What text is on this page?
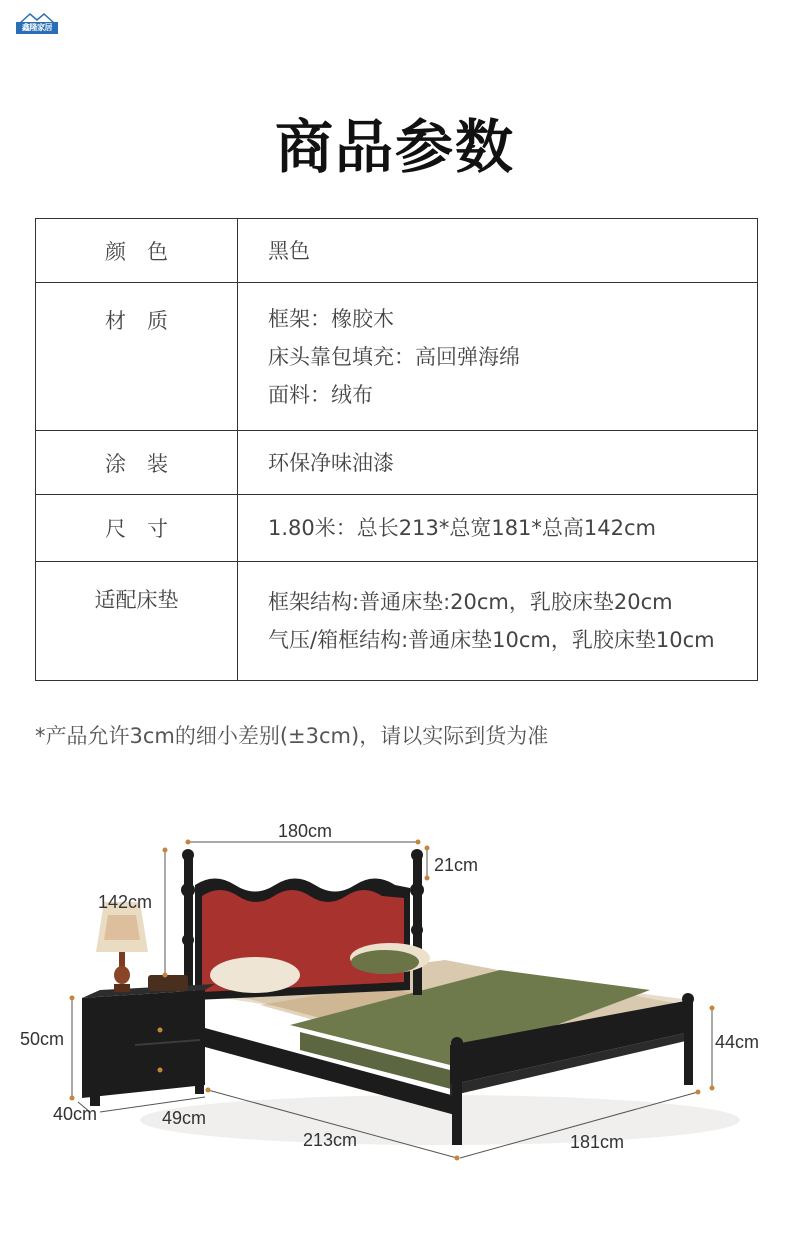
鑫隆家居
商品参数
颜　色	黑色

材　质	框架：橡胶木
床头靠包填充：高回弹海绵
面料：绒布

涂　装	环保净味油漆

尺　寸	1.80米：总长213*总宽181*总高142cm

适配床垫	框架结构:普通床垫:20cm，乳胶床垫20cm
气压/箱框结构:普通床垫10cm，乳胶床垫10cm
*产品允许3cm的细小差别(±3cm)，请以实际到货为准
180cm
21cm
142cm
50cm	44cm
40cm	49cm
213cm	181cm
